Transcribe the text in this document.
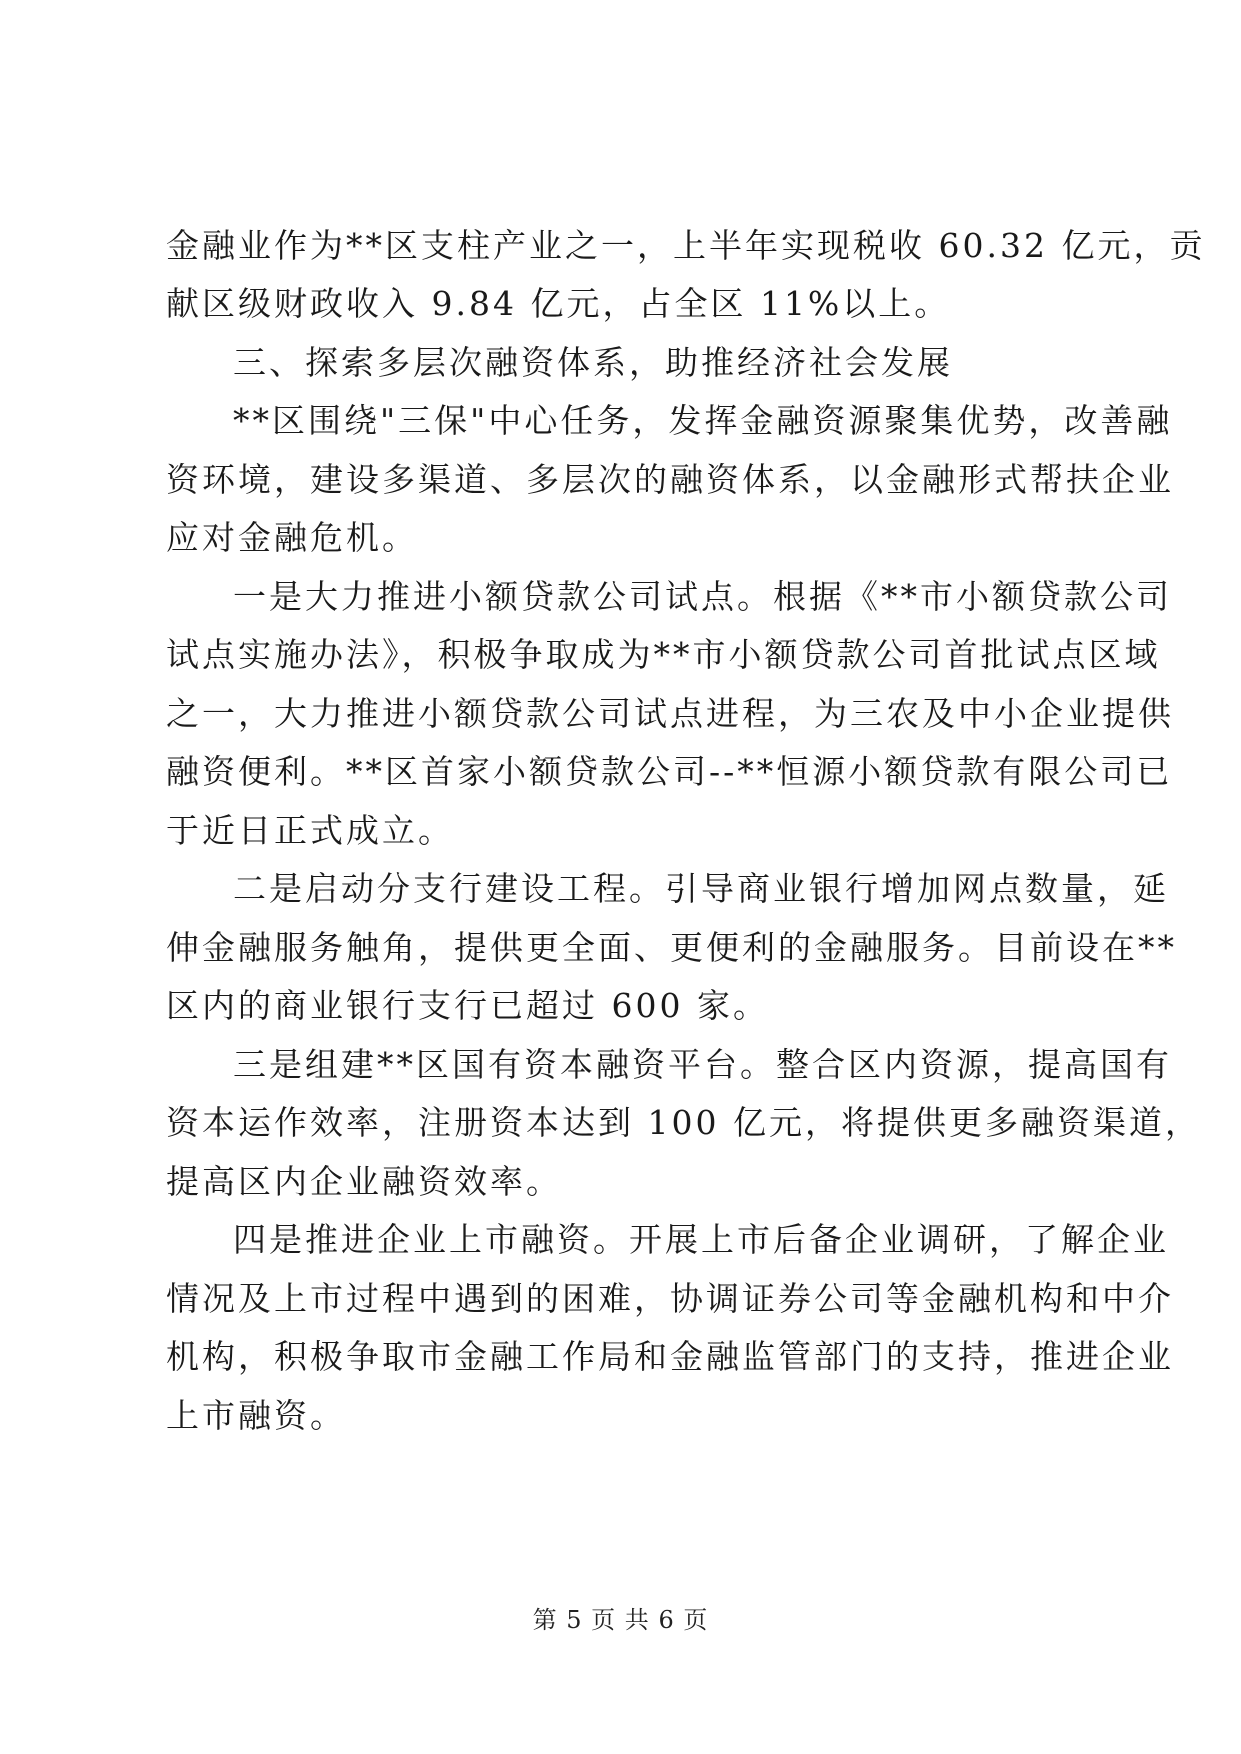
金融业作为**区支柱产业之一，上半年实现税收 60.32 亿元，贡
献区级财政收入 9.84 亿元，占全区 11%以上。
三、探索多层次融资体系，助推经济社会发展
**区围绕"三保"中心任务，发挥金融资源聚集优势，改善融
资环境，建设多渠道、多层次的融资体系，以金融形式帮扶企业
应对金融危机。
一是大力推进小额贷款公司试点。根据《**市小额贷款公司
试点实施办法》，积极争取成为**市小额贷款公司首批试点区域
之一，大力推进小额贷款公司试点进程，为三农及中小企业提供
融资便利。**区首家小额贷款公司--**恒源小额贷款有限公司已
于近日正式成立。
二是启动分支行建设工程。引导商业银行增加网点数量，延
伸金融服务触角，提供更全面、更便利的金融服务。目前设在**
区内的商业银行支行已超过 600 家。
三是组建**区国有资本融资平台。整合区内资源，提高国有
资本运作效率，注册资本达到 100 亿元，将提供更多融资渠道，
提高区内企业融资效率。
四是推进企业上市融资。开展上市后备企业调研，了解企业
情况及上市过程中遇到的困难，协调证券公司等金融机构和中介
机构，积极争取市金融工作局和金融监管部门的支持，推进企业
上市融资。
第 5 页 共 6 页
